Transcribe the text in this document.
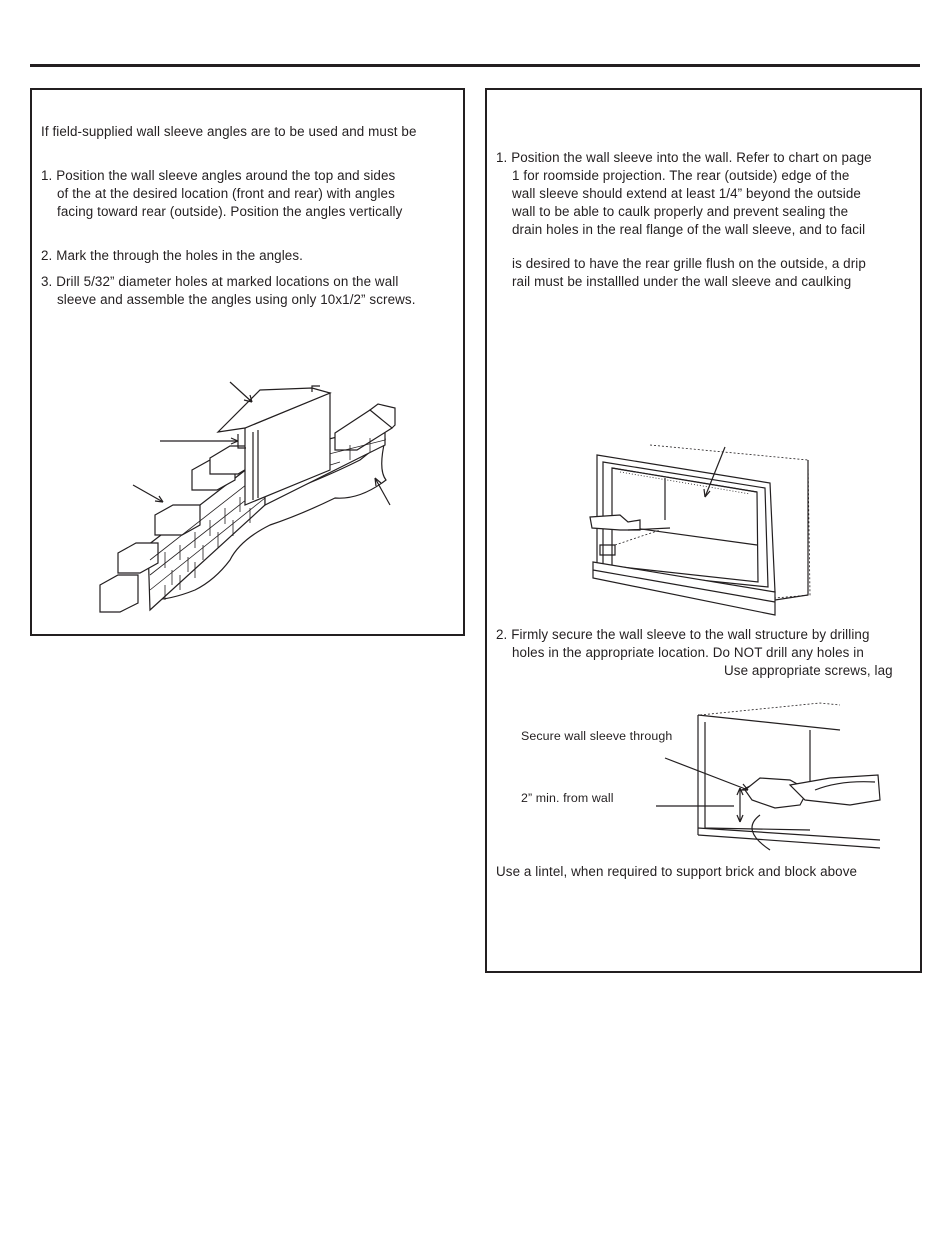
If field-supplied wall sleeve angles are to be used and must be
1. Position the wall sleeve angles around the top and sides
of the at the desired location (front and rear) with angles
facing toward rear (outside). Position the angles vertically
2. Mark the through the holes in the angles.
3. Drill 5/32” diameter holes at marked locations on the wall
sleeve and assemble the angles using only 10x1/2” screws.
1. Position the wall sleeve into the wall. Refer to chart on page
1 for roomside projection. The rear (outside) edge of the
wall sleeve should extend at least 1/4” beyond the outside
wall to be able to caulk properly and prevent sealing the
drain holes in the real flange of the wall sleeve, and to facil
is desired to have the rear grille flush on the outside, a drip
rail must be installled under the wall sleeve and caulking
2. Firmly secure the wall sleeve to the wall structure by drilling
holes in the appropriate location. Do NOT drill any holes in
Use appropriate screws, lag
Secure wall sleeve through
2” min. from wall
Use a lintel, when required to support brick and block above
